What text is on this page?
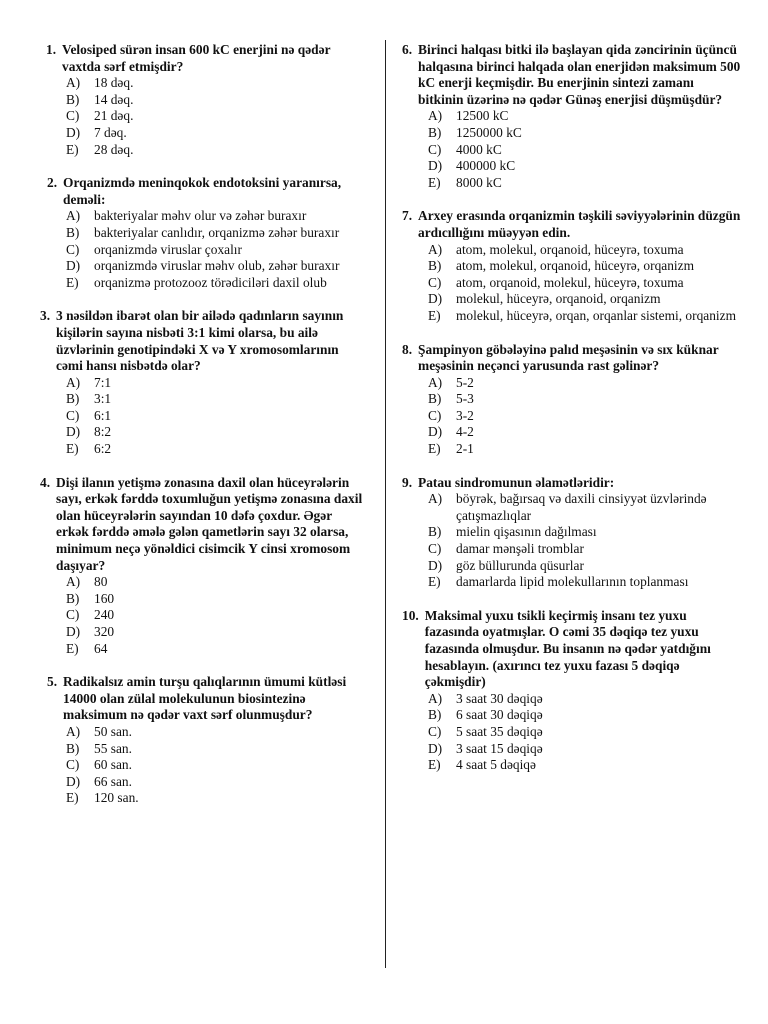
1. Velosiped sürən insan 600 kC enerjini nə qədər vaxtda sərf etmişdir?
A)	18 dəq.
B)	14 dəq.
C)	21 dəq.
D)	7 dəq.
E)	28 dəq.
2. Orqanizmdə meninqokok endotoksini yaranırsa, deməli:
A)	bakteriyalar məhv olur və zəhər buraxır
B)	bakteriyalar canlıdır, orqanizmə zəhər buraxır
C)	orqanizmdə viruslar çoxalır
D)	orqanizmdə viruslar məhv olub, zəhər buraxır
E)	orqanizmə protozooz törədiciləri daxil olub
3. 3 nəsildən ibarət olan bir ailədə qadınların sayının kişilərin sayına nisbəti 3:1 kimi olarsa, bu ailə üzvlərinin genotipindəki X və Y xromosomlarının cəmi hansı nisbətdə olar?
A)	7:1
B)	3:1
C)	6:1
D)	8:2
E)	6:2
4. Dişi ilanın yetişmə zonasına daxil olan hüceyrələrin sayı, erkək fərddə toxumluğun yetişmə zonasına daxil olan hüceyrələrin sayından 10 dəfə çoxdur. Əgər erkək fərddə əmələ gələn qametlərin sayı 32 olarsa, minimum neçə yönəldici cisimcik Y cinsi xromosom daşıyar?
A)	80
B)	160
C)	240
D)	320
E)	64
5. Radikalsız amin turşu qalıqlarının ümumi kütləsi 14000 olan zülal molekulunun biosintezinə maksimum nə qədər vaxt sərf olunmuşdur?
A)	50 san.
B)	55 san.
C)	60 san.
D)	66 san.
E)	120 san.
6. Birinci halqası bitki ilə başlayan qida zəncirinin üçüncü halqasına birinci halqada olan enerjidən maksimum 500 kC enerji keçmişdir. Bu enerjinin sintezi zamanı bitkinin üzərinə nə qədər Günəş enerjisi düşmüşdür?
A)	12500 kC
B)	1250000 kC
C)	4000 kC
D)	400000 kC
E)	8000 kC
7. Arxey erasında orqanizmin təşkili səviyyələrinin düzgün ardıcıllığını müəyyən edin.
A)	atom, molekul, orqanoid, hüceyrə, toxuma
B)	atom, molekul, orqanoid, hüceyrə, orqanizm
C)	atom, orqanoid, molekul, hüceyrə, toxuma
D)	molekul, hüceyrə, orqanoid, orqanizm
E)	molekul, hüceyrə, orqan, orqanlar sistemi, orqanizm
8. Şampinyon göbələyinə palıd meşəsinin və sıx küknar meşəsinin neçənci yarusunda rast gəlinər?
A)	5-2
B)	5-3
C)	3-2
D)	4-2
E)	2-1
9. Patau sindromunun əlamətləridir:
A)	böyrək, bağırsaq və daxili cinsiyyət üzvlərində çatışmazlıqlar
B)	mielin qişasının dağılması
C)	damar mənşəli tromblar
D)	göz büllurunda qüsurlar
E)	damarlarda lipid molekullarının toplanması
10. Maksimal yuxu tsikli keçirmiş insanı tez yuxu fazasında oyatmışlar. O cəmi 35 dəqiqə tez yuxu fazasında olmuşdur. Bu insanın nə qədər yatdığını hesablayın. (axırıncı tez yuxu fazası 5 dəqiqə çəkmişdir)
A)	3 saat 30 dəqiqə
B)	6 saat 30 dəqiqə
C)	5 saat 35 dəqiqə
D)	3 saat 15 dəqiqə
E)	4 saat 5 dəqiqə
